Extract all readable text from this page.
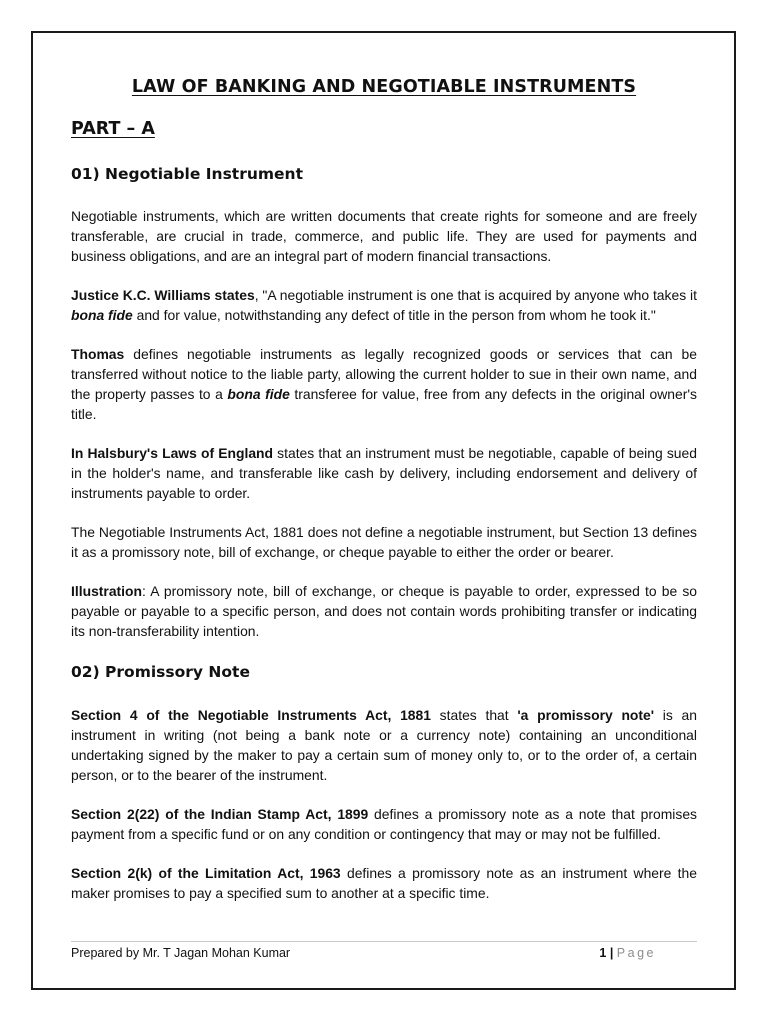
LAW OF BANKING AND NEGOTIABLE INSTRUMENTS
PART – A
01) Negotiable Instrument

Negotiable instruments, which are written documents that create rights for someone and are freely transferable, are crucial in trade, commerce, and public life. They are used for payments and business obligations, and are an integral part of modern financial transactions.

Justice K.C. Williams states, "A negotiable instrument is one that is acquired by anyone who takes it bona fide and for value, notwithstanding any defect of title in the person from whom he took it."

Thomas defines negotiable instruments as legally recognized goods or services that can be transferred without notice to the liable party, allowing the current holder to sue in their own name, and the property passes to a bona fide transferee for value, free from any defects in the original owner's title.

In Halsbury's Laws of England states that an instrument must be negotiable, capable of being sued in the holder's name, and transferable like cash by delivery, including endorsement and delivery of instruments payable to order.

The Negotiable Instruments Act, 1881 does not define a negotiable instrument, but Section 13 defines it as a promissory note, bill of exchange, or cheque payable to either the order or bearer.

Illustration: A promissory note, bill of exchange, or cheque is payable to order, expressed to be so payable or payable to a specific person, and does not contain words prohibiting transfer or indicating its non-transferability intention.

02) Promissory Note

Section 4 of the Negotiable Instruments Act, 1881 states that 'a promissory note' is an instrument in writing (not being a bank note or a currency note) containing an unconditional undertaking signed by the maker to pay a certain sum of money only to, or to the order of, a certain person, or to the bearer of the instrument.

Section 2(22) of the Indian Stamp Act, 1899 defines a promissory note as a note that promises payment from a specific fund or on any condition or contingency that may or may not be fulfilled.

Section 2(k) of the Limitation Act, 1963 defines a promissory note as an instrument where the maker promises to pay a specified sum to another at a specific time.

Prepared by Mr. T Jagan Mohan Kumar	1 | Page
